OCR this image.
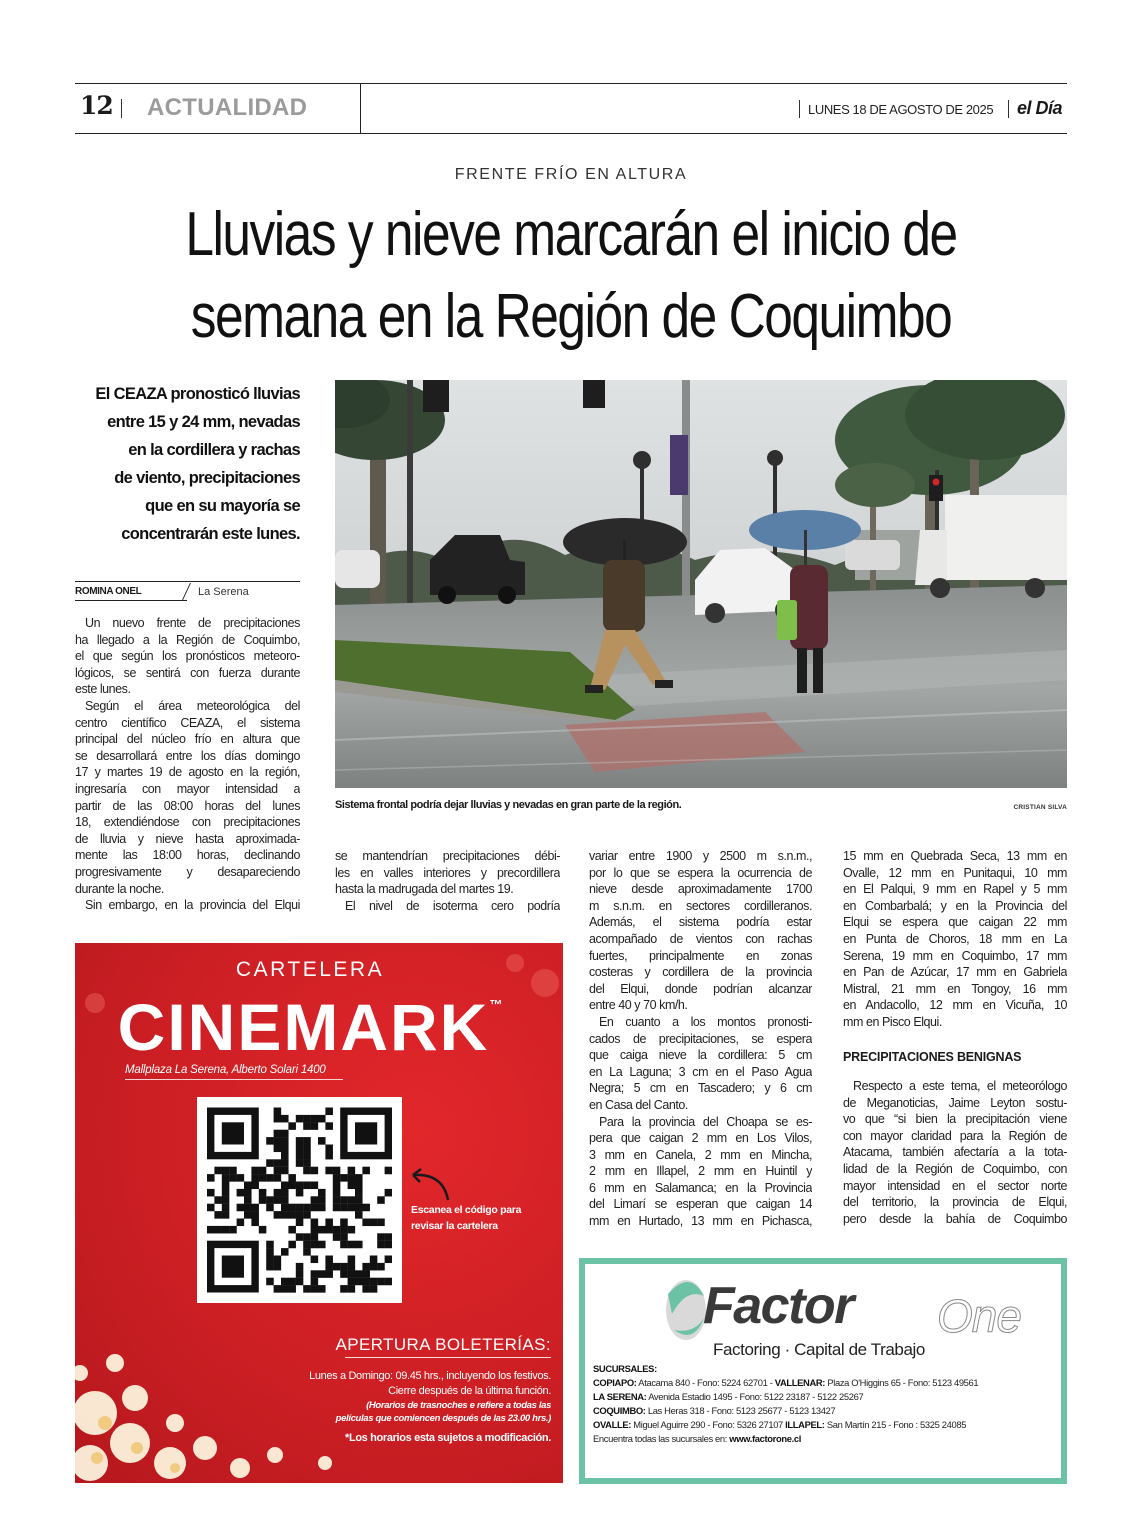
12 ACTUALIDAD	LUNES 18 DE AGOSTO DE 2025 el Día
FRENTE FRÍO EN ALTURA
Lluvias y nieve marcarán el inicio de
semana en la Región de Coquimbo
El CEAZA pronosticó lluvias
entre 15 y 24 mm, nevadas
en la cordillera y rachas
de viento, precipitaciones
que en su mayoría se
concentrarán este lunes.
ROMINA ONEL	La Serena
Un nuevo frente de precipitaciones
ha llegado a la Región de Coquimbo,
el que según los pronósticos meteoro-
lógicos, se sentirá con fuerza durante
este lunes.
Según el área meteorológica del
centro científico CEAZA, el sistema
principal del núcleo frío en altura que
se desarrollará entre los días domingo
17 y martes 19 de agosto en la región,
ingresaría con mayor intensidad a
partir de las 08:00 horas del lunes
18, extendiéndose con precipitaciones
de lluvia y nieve hasta aproximada-
mente las 18:00 horas, declinando
progresivamente y desapareciendo
durante la noche.
Sin embargo, en la provincia del Elqui
se mantendrían precipitaciones débi-
les en valles interiores y precordillera
hasta la madrugada del martes 19.
El nivel de isoterma cero podría
variar entre 1900 y 2500 m s.n.m.,
por lo que se espera la ocurrencia de
nieve desde aproximadamente 1700
m s.n.m. en sectores cordilleranos.
Además, el sistema podría estar
acompañado de vientos con rachas
fuertes, principalmente en zonas
costeras y cordillera de la provincia
del Elqui, donde podrían alcanzar
entre 40 y 70 km/h.
En cuanto a los montos pronosti-
cados de precipitaciones, se espera
que caiga nieve la cordillera: 5 cm
en La Laguna; 3 cm en el Paso Agua
Negra; 5 cm en Tascadero; y 6 cm
en Casa del Canto.
Para la provincia del Choapa se es-
pera que caigan 2 mm en Los Vilos,
3 mm en Canela, 2 mm en Mincha,
2 mm en Illapel, 2 mm en Huintil y
6 mm en Salamanca; en la Provincia
del Limarí se esperan que caigan 14
mm en Hurtado, 13 mm en Pichasca,
15 mm en Quebrada Seca, 13 mm en
Ovalle, 12 mm en Punitaqui, 10 mm
en El Palqui, 9 mm en Rapel y 5 mm
en Combarbalá; y en la Provincia del
Elqui se espera que caigan 22 mm
en Punta de Choros, 18 mm en La
Serena, 19 mm en Coquimbo, 17 mm
en Pan de Azúcar, 17 mm en Gabriela
Mistral, 21 mm en Tongoy, 16 mm
en Andacollo, 12 mm en Vicuña, 10
mm en Pisco Elqui.
PRECIPITACIONES BENIGNAS
Respecto a este tema, el meteorólogo
de Meganoticias, Jaime Leyton sostu-
vo que “si bien la precipitación viene
con mayor claridad para la Región de
Atacama, también afectaría a la tota-
lidad de la Región de Coquimbo, con
mayor intensidad en el sector norte
del territorio, la provincia de Elqui,
pero desde la bahía de Coquimbo
Sistema frontal podría dejar lluvias y nevadas en gran parte de la región.	CRISTIAN SILVA
CARTELERA
CINEMARK™
Mallplaza La Serena, Alberto Solari 1400
Escanea el código para
revisar la cartelera
APERTURA BOLETERÍAS:
Lunes a Domingo: 09.45 hrs., incluyendo los festivos.
Cierre después de la última función.
(Horarios de trasnoches e refiere a todas las
películas que comiencen después de las 23.00 hrs.)
*Los horarios esta sujetos a modificación.
Factor One
Factoring · Capital de Trabajo
SUCURSALES:
COPIAPO: Atacama 840 - Fono: 5224 62701 - VALLENAR: Plaza O'Higgins 65 - Fono: 5123 49561
LA SERENA: Avenida Estadio 1495 - Fono: 5122 23187 - 5122 25267
COQUIMBO: Las Heras 318 - Fono: 5123 25677 - 5123 13427
OVALLE: Miguel Aguirre 290 - Fono: 5326 27107 ILLAPEL: San Martín 215 - Fono : 5325 24085
Encuentra todas las sucursales en: www.factorone.cl
